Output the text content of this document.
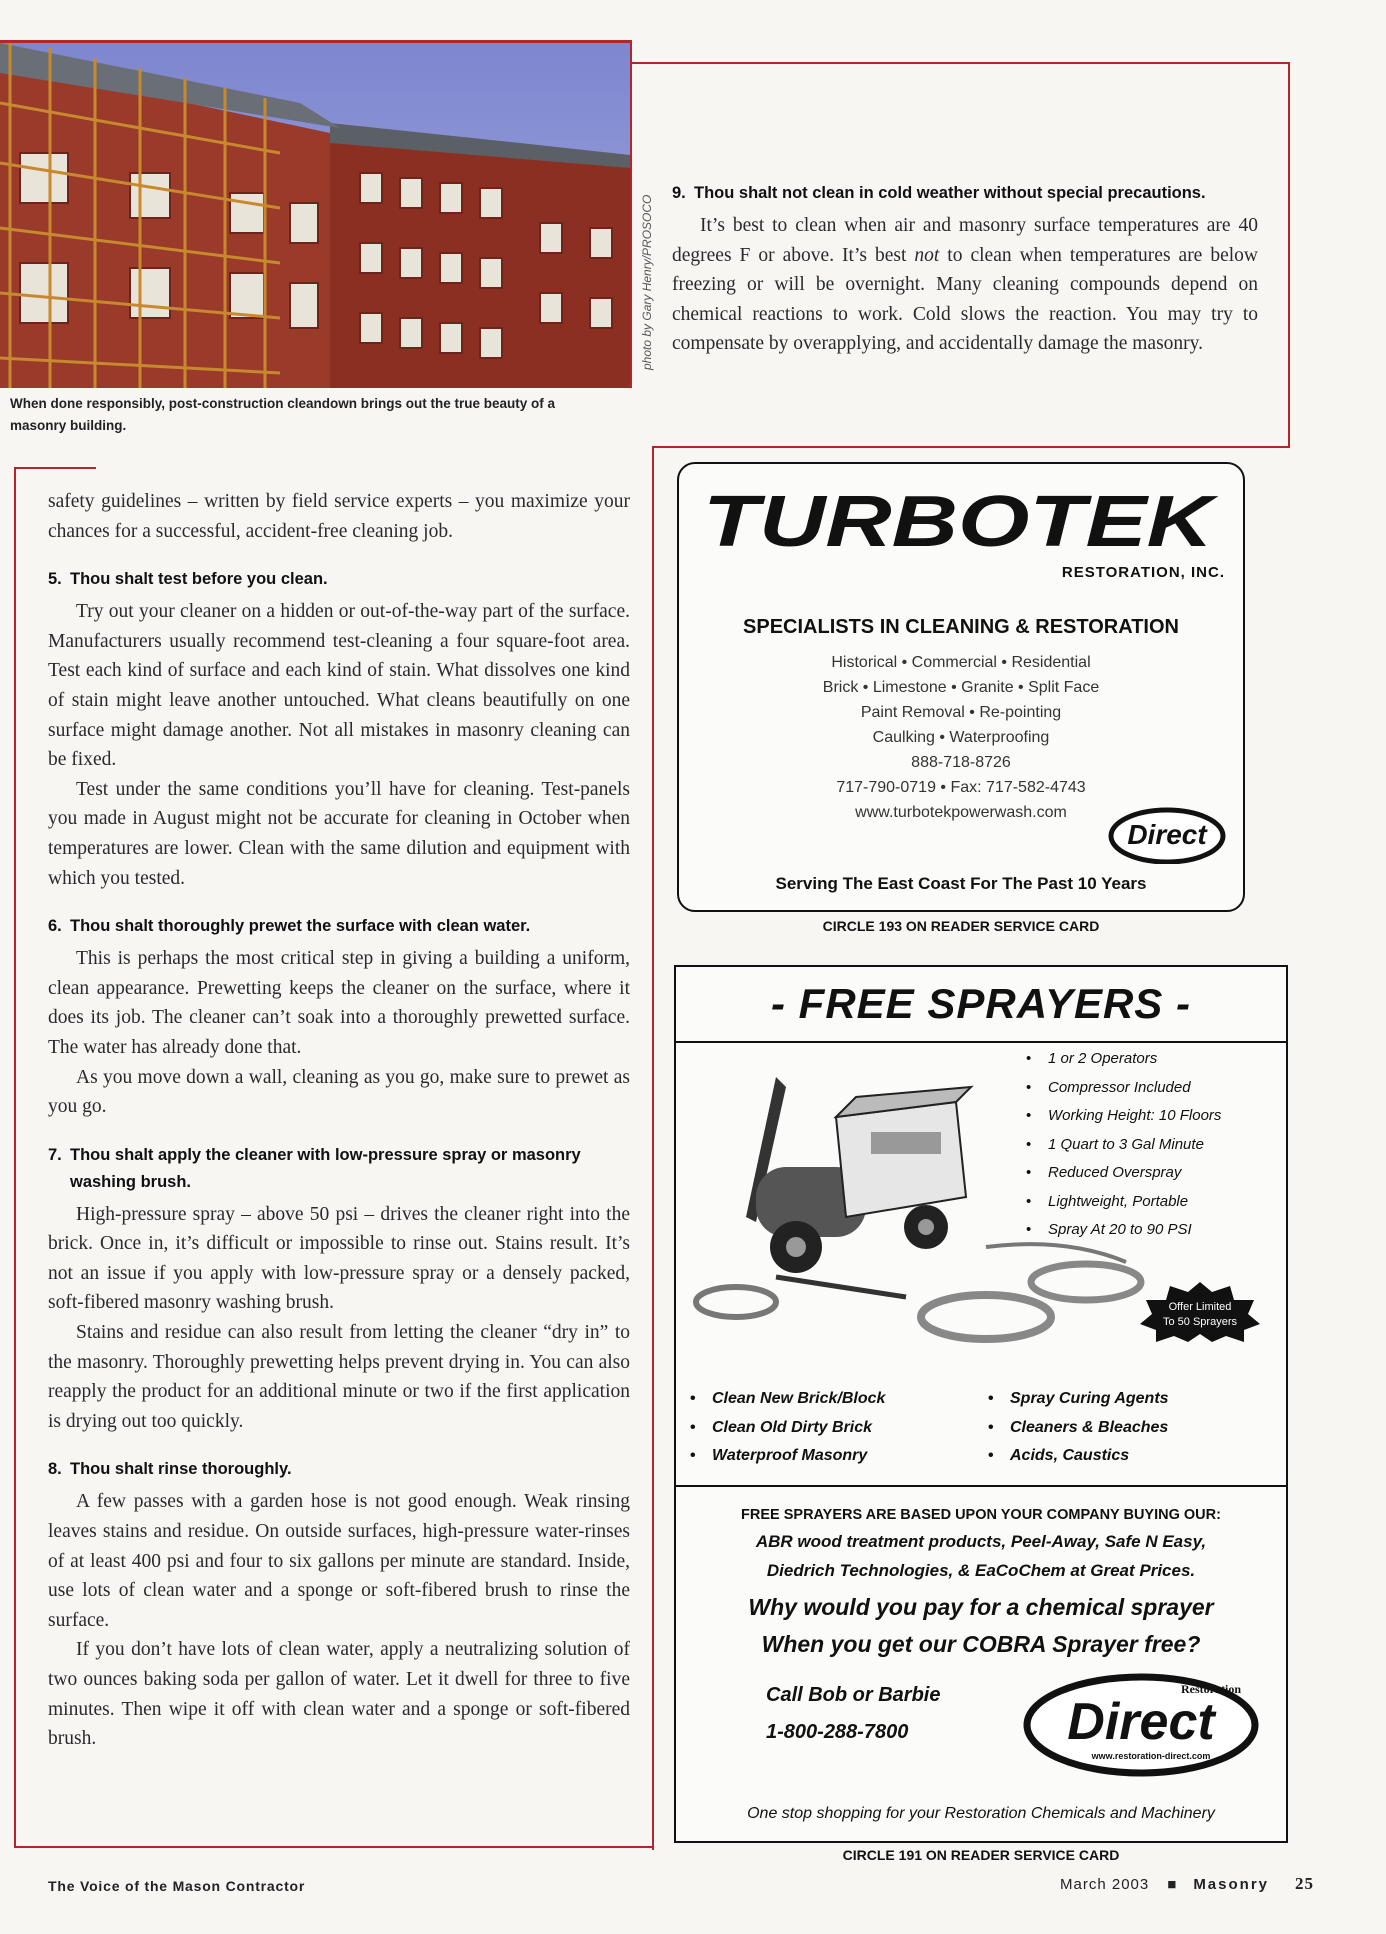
photo by Gary Henry/PROSOCO
When done responsibly, post-construction cleandown brings out the true beauty of a masonry building.
9. Thou shalt not clean in cold weather without special precautions.

It’s best to clean when air and masonry surface temperatures are 40 degrees F or above. It’s best not to clean when temperatures are below freezing or will be overnight. Many cleaning compounds depend on chemical reactions to work. Cold slows the reaction. You may try to compensate by overapplying, and accidentally damage the masonry.

safety guidelines – written by field service experts – you maximize your chances for a successful, accident-free cleaning job.

5. Thou shalt test before you clean.

Try out your cleaner on a hidden or out-of-the-way part of the surface. Manufacturers usually recommend test-cleaning a four square-foot area. Test each kind of surface and each kind of stain. What dissolves one kind of stain might leave another untouched. What cleans beautifully on one surface might damage another. Not all mistakes in masonry cleaning can be fixed.

Test under the same conditions you’ll have for cleaning. Test-panels you made in August might not be accurate for cleaning in October when temperatures are lower. Clean with the same dilution and equipment with which you tested.

6. Thou shalt thoroughly prewet the surface with clean water.

This is perhaps the most critical step in giving a building a uniform, clean appearance. Prewetting keeps the cleaner on the surface, where it does its job. The cleaner can’t soak into a thoroughly prewetted surface. The water has already done that.

As you move down a wall, cleaning as you go, make sure to prewet as you go.

7. Thou shalt apply the cleaner with low-pressure spray or masonry washing brush.

High-pressure spray – above 50 psi – drives the cleaner right into the brick. Once in, it’s difficult or impossible to rinse out. Stains result. It’s not an issue if you apply with low-pressure spray or a densely packed, soft-fibered masonry washing brush.

Stains and residue can also result from letting the cleaner “dry in” to the masonry. Thoroughly prewetting helps prevent drying in. You can also reapply the product for an additional minute or two if the first application is drying out too quickly.

8. Thou shalt rinse thoroughly.

A few passes with a garden hose is not good enough. Weak rinsing leaves stains and residue. On outside surfaces, high-pressure water-rinses of at least 400 psi and four to six gallons per minute are standard. Inside, use lots of clean water and a sponge or soft-fibered brush to rinse the surface.

If you don’t have lots of clean water, apply a neutralizing solution of two ounces baking soda per gallon of water. Let it dwell for three to five minutes. Then wipe it off with clean water and a sponge or soft-fibered brush.

TURBOTEK
RESTORATION, INC.
SPECIALISTS IN CLEANING & RESTORATION
Historical • Commercial • Residential
Brick • Limestone • Granite • Split Face
Paint Removal • Re-pointing
Caulking • Waterproofing
888-718-8726
717-790-0719 • Fax: 717-582-4743
www.turbotekpowerwash.com
Direct
Serving The East Coast For The Past 10 Years
CIRCLE 193 ON READER SERVICE CARD
- FREE SPRAYERS -
• 1 or 2 Operators
• Compressor Included
• Working Height: 10 Floors
• 1 Quart to 3 Gal Minute
• Reduced Overspray
• Lightweight, Portable
• Spray At 20 to 90 PSI
Offer Limited
To 50 Sprayers
• Clean New Brick/Block
• Clean Old Dirty Brick
• Waterproof Masonry
• Spray Curing Agents
• Cleaners & Bleaches
• Acids, Caustics
FREE SPRAYERS ARE BASED UPON YOUR COMPANY BUYING OUR:
ABR wood treatment products, Peel-Away, Safe N Easy,
Diedrich Technologies, & EaCoChem at Great Prices.
Why would you pay for a chemical sprayer
When you get our COBRA Sprayer free?
Call Bob or Barbie
1-800-288-7800
Restoration
Direct
www.restoration-direct.com
One stop shopping for your Restoration Chemicals and Machinery
CIRCLE 191 ON READER SERVICE CARD
The Voice of the Mason Contractor	March 2003 ■ Masonry 25
